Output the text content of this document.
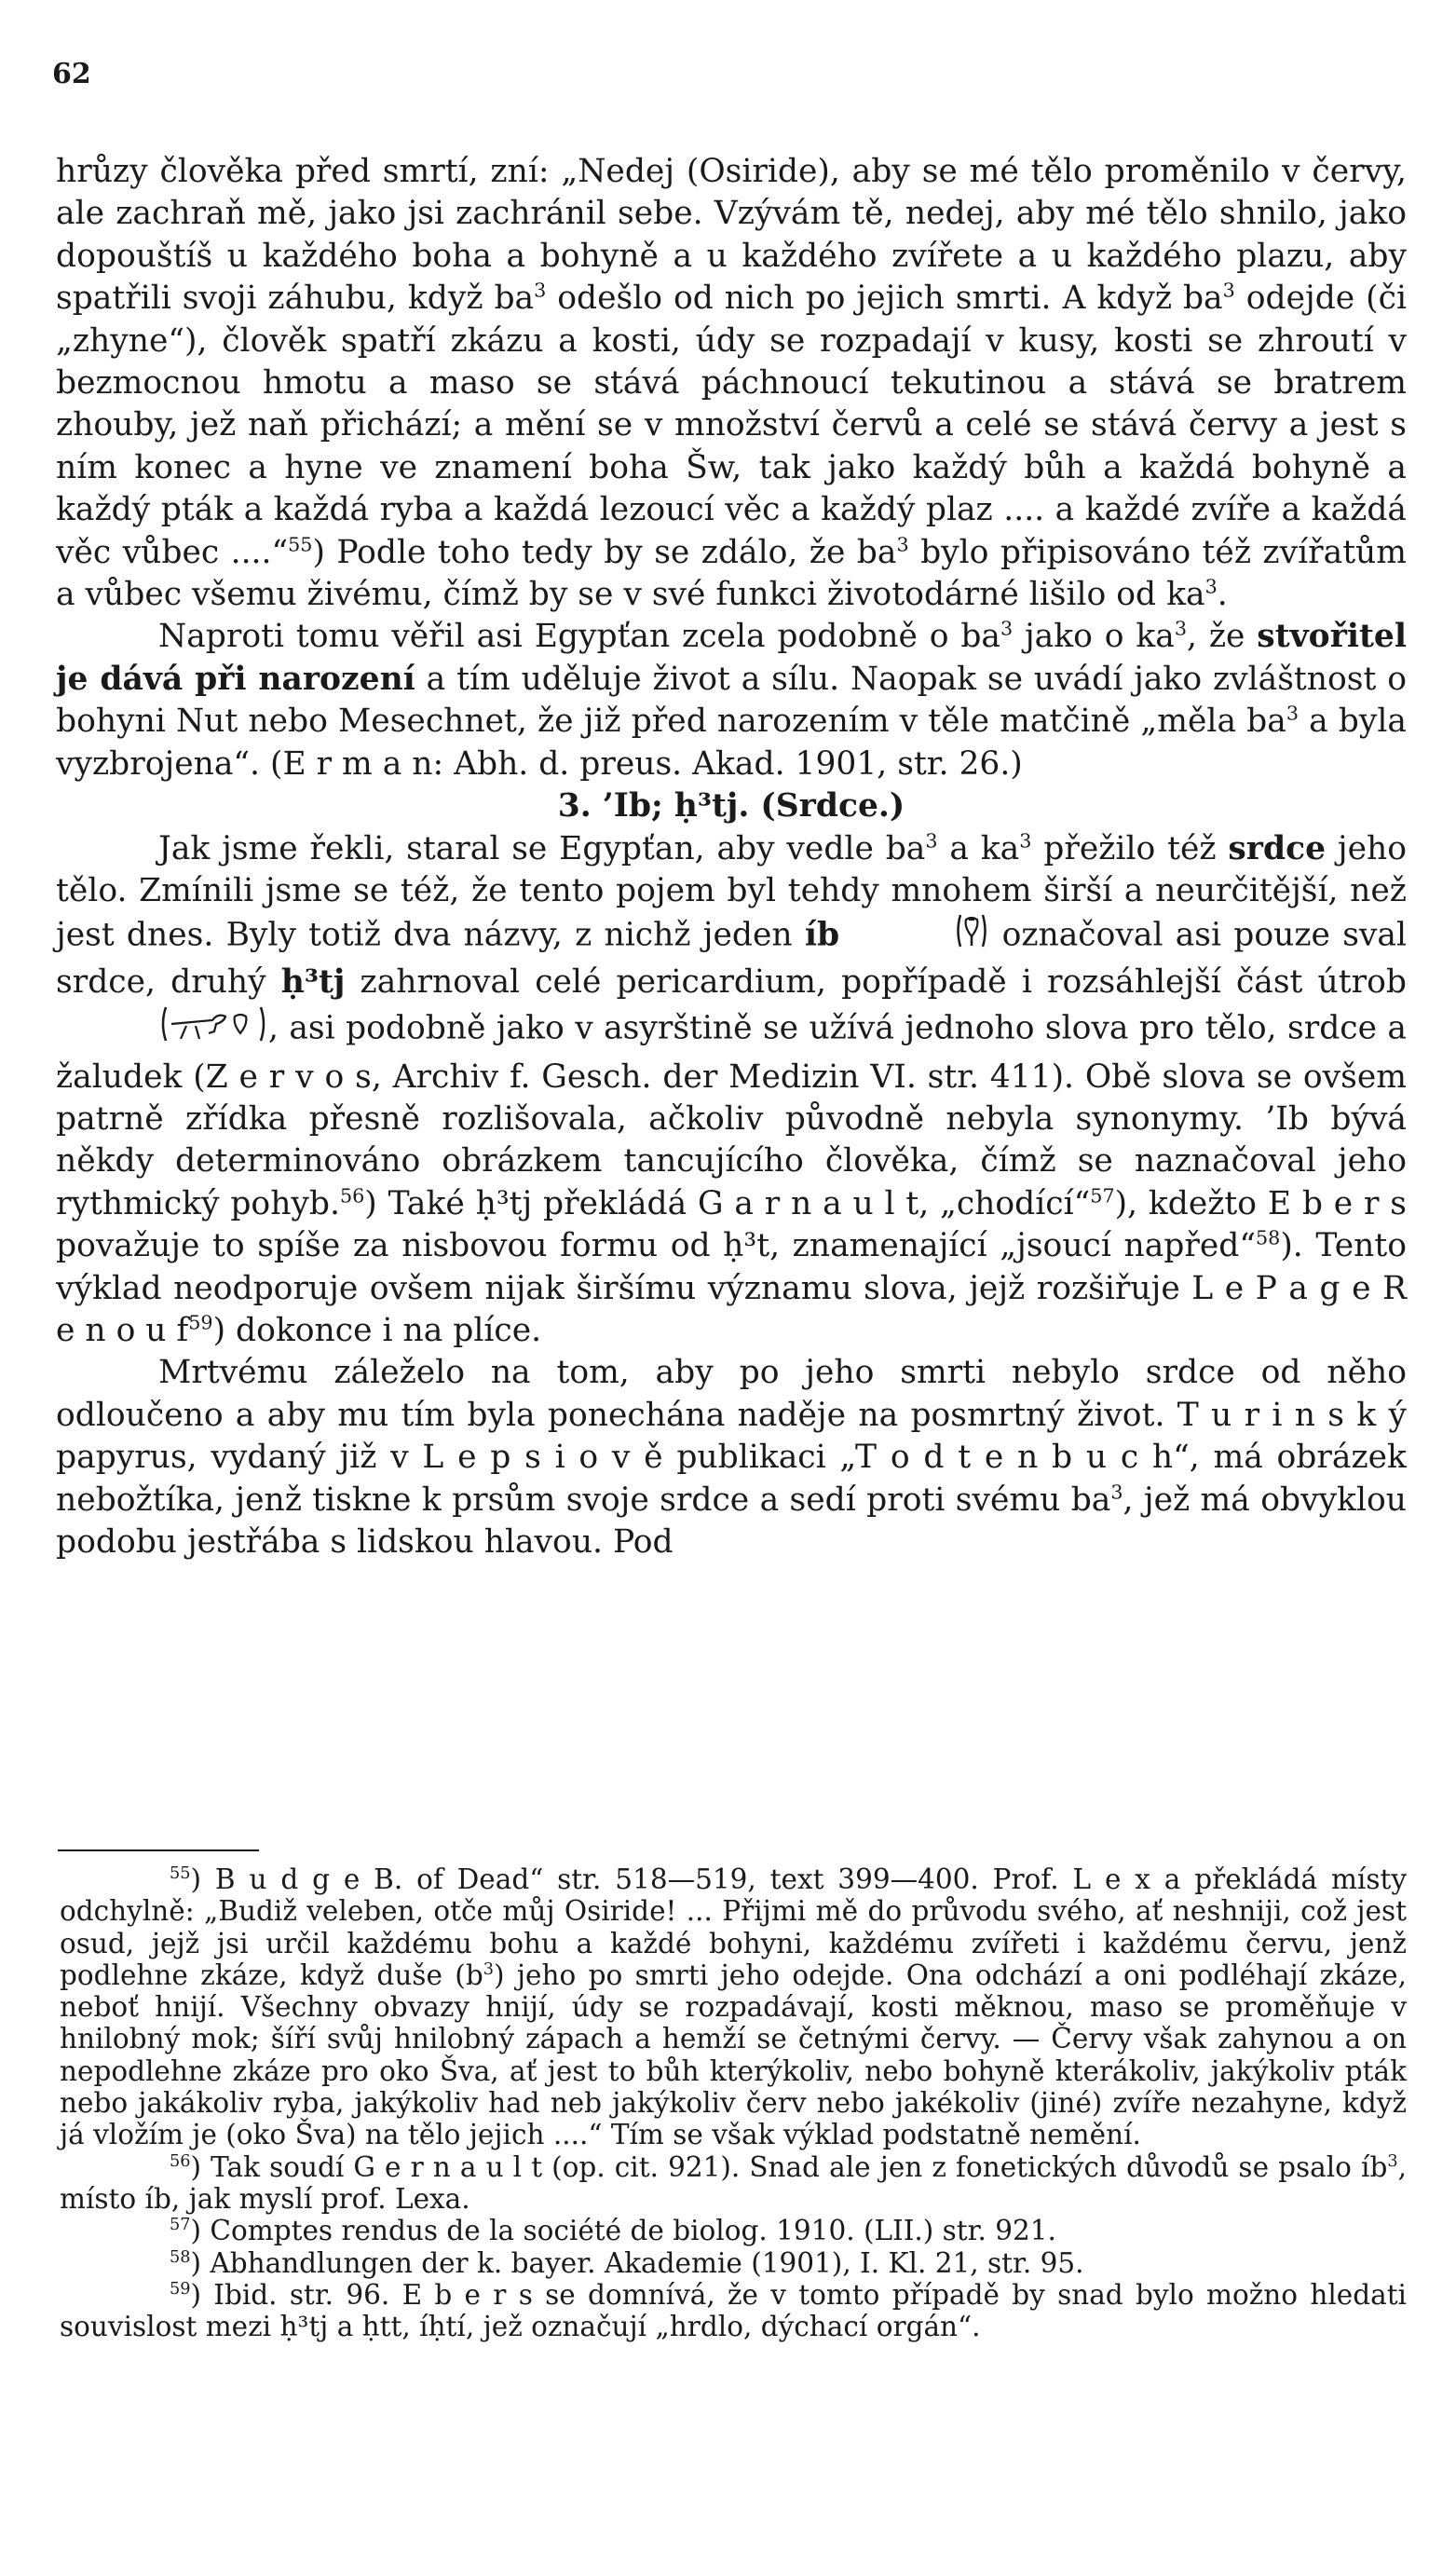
62

hrůzy člověka před smrtí, zní: „Nedej (Osiride), aby se mé tělo proměnilo v červy, ale zachraň mě, jako jsi zachránil sebe. Vzývám tě, nedej, aby mé tělo shnilo, jako dopouštíš u každého boha a bohyně a u každého zvířete a u každého plazu, aby spatřili svoji záhubu, když $ba^3$ odešlo od nich po jejich smrti. A když $ba^3$ odejde (či „zhyne“), člověk spatří zkázu a kosti, údy se rozpadají v kusy, kosti se zhroutí v bezmocnou hmotu a maso se stává páchnoucí tekutinou a stává se bratrem zhouby, jež naň přichází; a mění se v množství červů a celé se stává červy a jest s ním konec a hyne ve znamení boha Šw, tak jako každý bůh a každá bohyně a každý pták a každá ryba a každá lezoucí věc a každý plaz .... a každé zvíře a každá věc vůbec ....“$^{55}$) Podle toho tedy by se zdálo, že $ba^3$ bylo připisováno též zvířatům a vůbec všemu živému, čímž by se v své funkci životodárné lišilo od $ka^3$.

Naproti tomu věřil asi Egypťan zcela podobně o $ba^3$ jako o $ka^3$, že stvořitel je dává při narození a tím uděluje život a sílu. Naopak se uvádí jako zvláštnost o bohyni Nut nebo Mesechnet, že již před narozením v těle matčině „měla $ba^3$ a byla vyzbrojena“. (E r m a n: Abh. d. preus. Akad. 1901, str. 26.)

3. ’Ib; ḥ³tj. (Srdce.)

Jak jsme řekli, staral se Egypťan, aby vedle $ba^3$ a $ka^3$ přežilo též srdce jeho tělo. Zmínili jsme se též, že tento pojem byl tehdy mnohem širší a neurčitější, než jest dnes. Byly totiž dva názvy, z nichž jeden íb	označoval asi pouze sval srdce, druhý ḥ³tj zahrnoval celé pericardium, popřípadě i rozsáhlejší část útrob , asi podobně jako v asyrštině se užívá jednoho slova pro tělo, srdce a žaludek (Z e r v o s, Archiv f. Gesch. der Medizin VI. str. 411). Obě slova se ovšem patrně zřídka přesně rozlišovala, ačkoliv původně nebyla synonymy. ’Ib bývá někdy determinováno obrázkem tancujícího člověka, čímž se naznačoval jeho rythmický pohyb.$^{56}$) Také ḥ³tj překládá G a r n a u l t, „chodící“$^{57}$), kdežto E b e r s považuje to spíše za nisbovou formu od ḥ³t, znamenající „jsoucí napřed“$^{58}$). Tento výklad neodporuje ovšem nijak širšímu významu slova, jejž rozšiřuje L e P a g e R e n o u $f^{59}$) dokonce i na plíce.

Mrtvému záleželo na tom, aby po jeho smrti nebylo srdce od něho odloučeno a aby mu tím byla ponechána naděje na posmrtný život. T u r i n s k ý papyrus, vydaný již v L e p s i o v ě publikaci „T o d t e n b u c h“, má obrázek nebožtíka, jenž tiskne k prsům svoje srdce a sedí proti svému $ba^3$, jež má obvyklou podobu jestřába s lidskou hlavou. Pod

$^{55}$) B u d g e B. of Dead“ str. 518—519, text 399—400. Prof. L e x a překládá místy odchylně: „Budiž veleben, otče můj Osiride! ... Přijmi mě do průvodu svého, ať neshniji, což jest osud, jejž jsi určil každému bohu a každé bohyni, každému zvířeti i každému červu, jenž podlehne zkáze, když duše $(b^3)$ jeho po smrti jeho odejde. Ona odchází a oni podléhají zkáze, neboť hnijí. Všechny obvazy hnijí, údy se rozpadávají, kosti měknou, maso se proměňuje v hnilobný mok; šíří svůj hnilobný zápach a hemží se četnými červy. — Červy však zahynou a on nepodlehne zkáze pro oko Šva, ať jest to bůh kterýkoliv, nebo bohyně kterákoliv, jakýkoliv pták nebo jakákoliv ryba, jakýkoliv had neb jakýkoliv červ nebo jakékoliv (jiné) zvíře nezahyne, když já vložím je (oko Šva) na tělo jejich ....“ Tím se však výklad podstatně nemění.

$^{56}$) Tak soudí G e r n a u l t (op. cit. 921). Snad ale jen z fonetických důvodů se psalo $íb^3$, místo íb, jak myslí prof. Lexa.

$^{57}$) Comptes rendus de la société de biolog. 1910. (LII.) str. 921.

$^{58}$) Abhandlungen der k. bayer. Akademie (1901), I. Kl. 21, str. 95.

$^{59}$) Ibid. str. 96. E b e r s se domnívá, že v tomto případě by snad bylo možno hledati souvislost mezi ḥ³tj a ḥtt, íḥtí, jež označují „hrdlo, dýchací orgán“.
